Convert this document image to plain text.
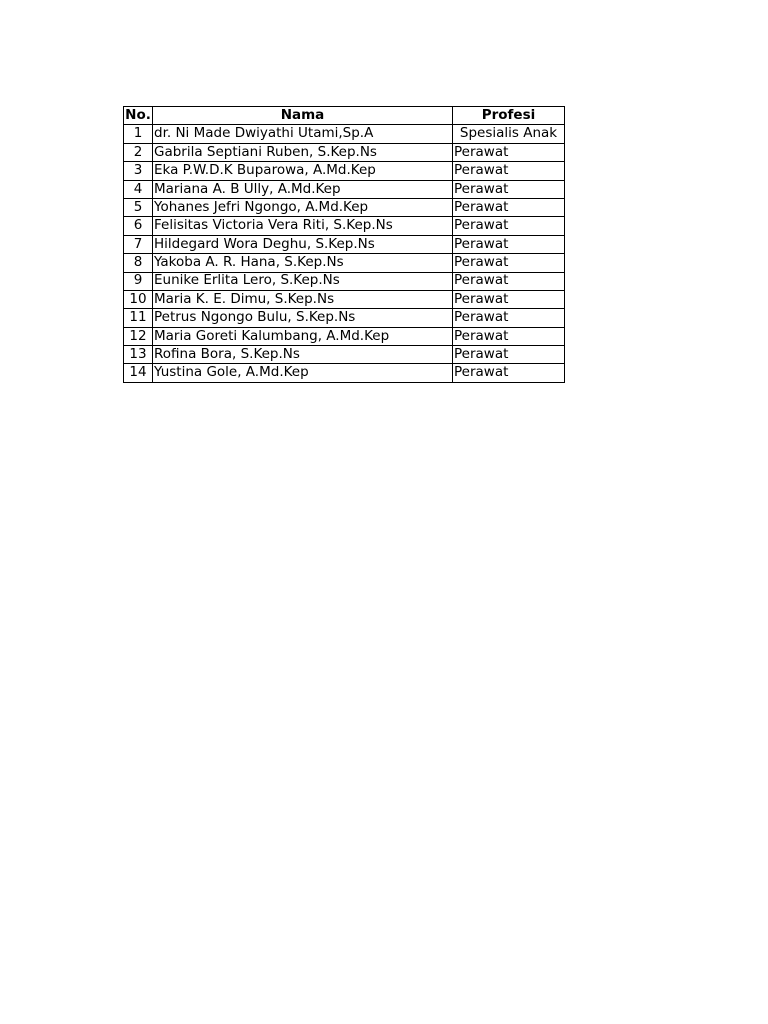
No.	Nama	Profesi
1	dr. Ni Made Dwiyathi Utami,Sp.A	Spesialis Anak
2	Gabrila Septiani Ruben, S.Kep.Ns	Perawat
3	Eka P.W.D.K Buparowa, A.Md.Kep	Perawat
4	Mariana A. B Ully, A.Md.Kep	Perawat
5	Yohanes Jefri Ngongo, A.Md.Kep	Perawat
6	Felisitas Victoria Vera Riti, S.Kep.Ns	Perawat
7	Hildegard Wora Deghu, S.Kep.Ns	Perawat
8	Yakoba A. R. Hana, S.Kep.Ns	Perawat
9	Eunike Erlita Lero, S.Kep.Ns	Perawat
10	Maria K. E. Dimu, S.Kep.Ns	Perawat
11	Petrus Ngongo Bulu, S.Kep.Ns	Perawat
12	Maria Goreti Kalumbang, A.Md.Kep	Perawat
13	Rofina Bora, S.Kep.Ns	Perawat
14	Yustina Gole, A.Md.Kep	Perawat
